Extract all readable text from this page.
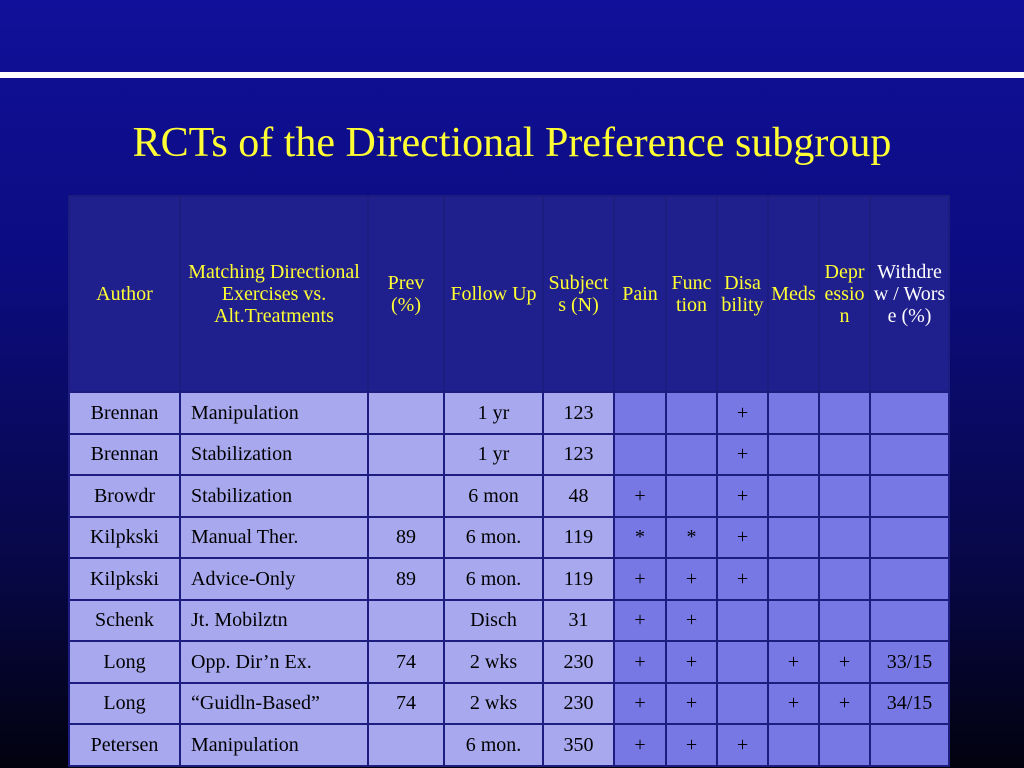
RCTs of the Directional Preference subgroup
Author	Matching Directional Exercises vs. Alt.Treatments	Prev (%)	Follow Up	Subjects (N)	Pain	Function	Disability	Meds	Depression	Withdrew / Worse (%)
Brennan	Manipulation		1 yr	123			+			
Brennan	Stabilization		1 yr	123			+			
Browdr	Stabilization		6 mon	48	+		+			
Kilpkski	Manual Ther.	89	6 mon.	119	*	*	+			
Kilpkski	Advice-Only	89	6 mon.	119	+	+	+			
Schenk	Jt. Mobilztn		Disch	31	+	+				
Long	Opp. Dir’n Ex.	74	2 wks	230	+	+		+	+	33/15
Long	“Guidln-Based”	74	2 wks	230	+	+		+	+	34/15
Petersen	Manipulation		6 mon.	350	+	+	+			
